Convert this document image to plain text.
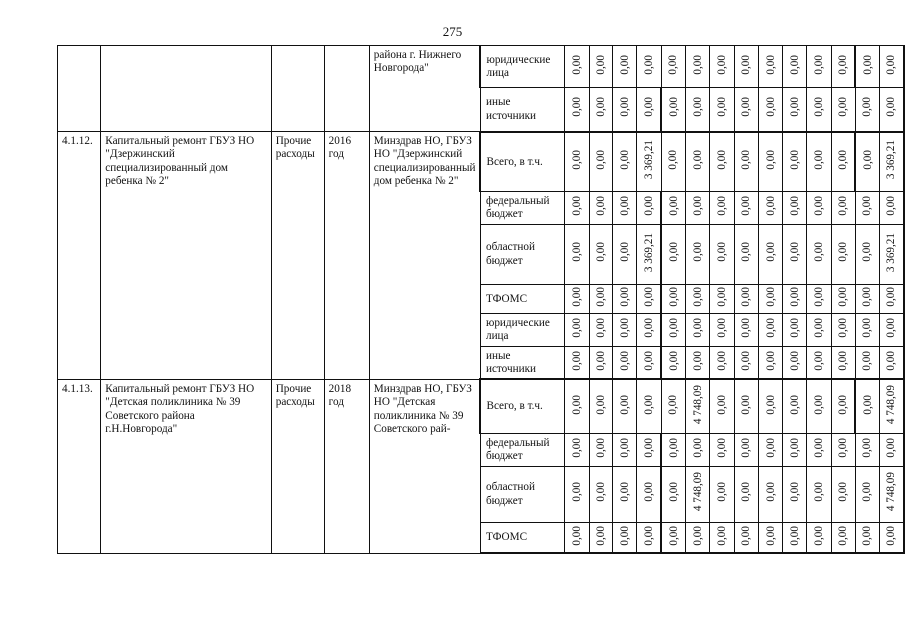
275
				района г. Нижнего Новгорода"	юридические лица	0,00	0,00	0,00	0,00	0,00	0,00	0,00	0,00	0,00	0,00	0,00	0,00	0,00	0,00
					иные источники	0,00	0,00	0,00	0,00	0,00	0,00	0,00	0,00	0,00	0,00	0,00	0,00	0,00	0,00
4.1.12.	Капитальный ремонт ГБУЗ НО "Дзержинский специализированный дом ребенка № 2"	Прочие расходы	2016 год	Минздрав НО, ГБУЗ НО "Дзержинский специализированный дом ребенка № 2"	Всего, в т.ч.	0,00	0,00	0,00	3 369,21	0,00	0,00	0,00	0,00	0,00	0,00	0,00	0,00	0,00	3 369,21
					федеральный бюджет	0,00	0,00	0,00	0,00	0,00	0,00	0,00	0,00	0,00	0,00	0,00	0,00	0,00	0,00
					областной бюджет	0,00	0,00	0,00	3 369,21	0,00	0,00	0,00	0,00	0,00	0,00	0,00	0,00	0,00	3 369,21
					ТФОМС	0,00	0,00	0,00	0,00	0,00	0,00	0,00	0,00	0,00	0,00	0,00	0,00	0,00	0,00
					юридические лица	0,00	0,00	0,00	0,00	0,00	0,00	0,00	0,00	0,00	0,00	0,00	0,00	0,00	0,00
					иные источники	0,00	0,00	0,00	0,00	0,00	0,00	0,00	0,00	0,00	0,00	0,00	0,00	0,00	0,00
4.1.13.	Капитальный ремонт ГБУЗ НО "Детская поликлиника № 39 Советского района г.Н.Новгорода"	Прочие расходы	2018 год	Минздрав НО, ГБУЗ НО "Детская поликлиника № 39 Советского рай-	Всего, в т.ч.	0,00	0,00	0,00	0,00	0,00	4 748,09	0,00	0,00	0,00	0,00	0,00	0,00	0,00	4 748,09
					федеральный бюджет	0,00	0,00	0,00	0,00	0,00	0,00	0,00	0,00	0,00	0,00	0,00	0,00	0,00	0,00
					областной бюджет	0,00	0,00	0,00	0,00	0,00	4 748,09	0,00	0,00	0,00	0,00	0,00	0,00	0,00	4 748,09
					ТФОМС	0,00	0,00	0,00	0,00	0,00	0,00	0,00	0,00	0,00	0,00	0,00	0,00	0,00	0,00
